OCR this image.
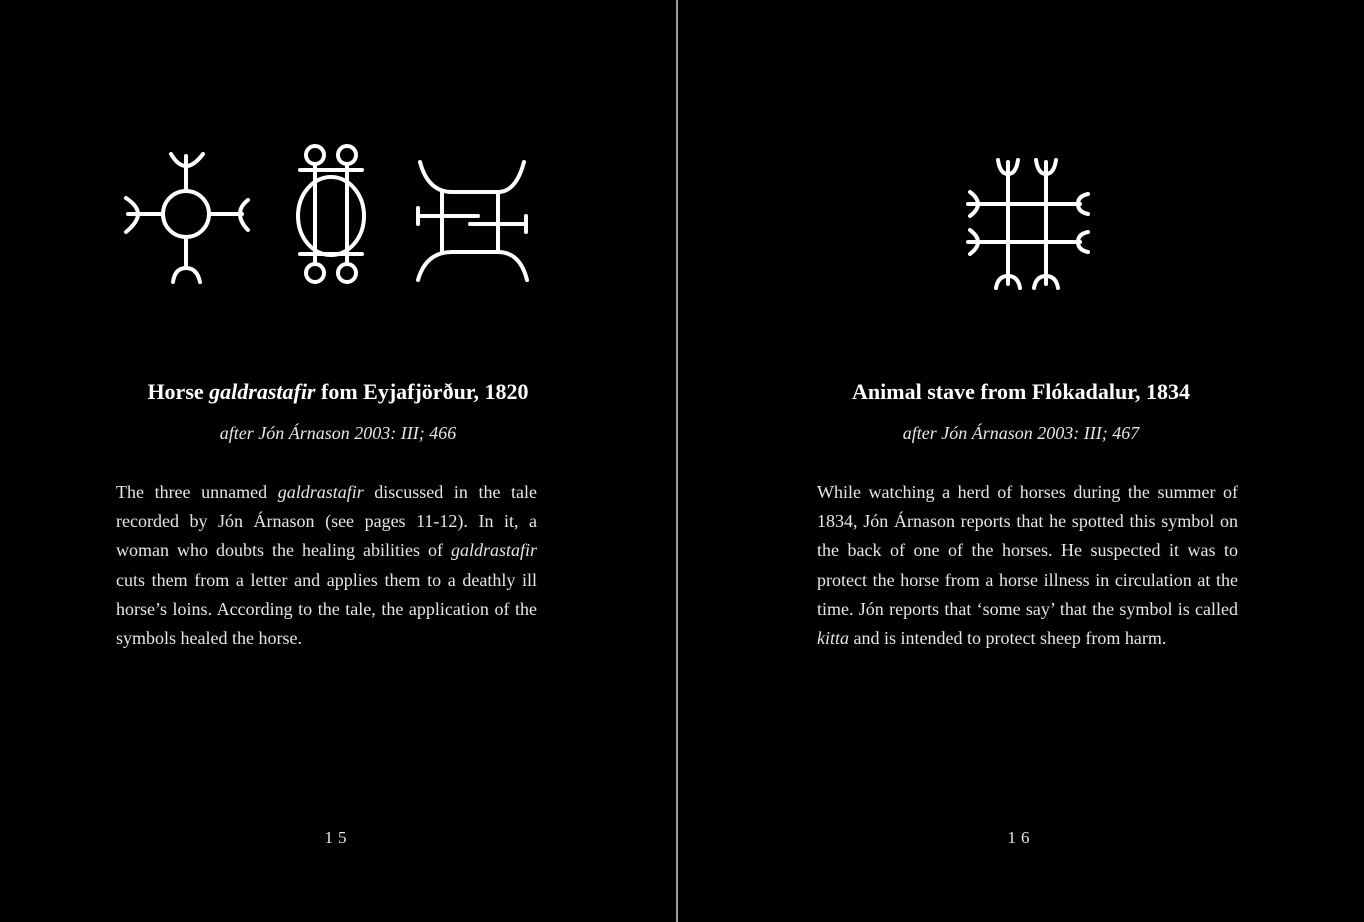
Horse galdrastafir fom Eyjafjörður, 1820

after Jón Árnason 2003: III; 466

The three unnamed galdrastafir discussed in the tale recorded by Jón Árnason (see pages 11-12). In it, a woman who doubts the healing abilities of galdrastafir cuts them from a letter and applies them to a deathly ill horse’s loins. According to the tale, the application of the symbols healed the horse.

15
Animal stave from Flókadalur, 1834

after Jón Árnason 2003: III; 467

While watching a herd of horses during the summer of 1834, Jón Árnason reports that he spotted this symbol on the back of one of the horses. He suspected it was to protect the horse from a horse illness in circulation at the time. Jón reports that ‘some say’ that the symbol is called kitta and is intended to protect sheep from harm.

16
